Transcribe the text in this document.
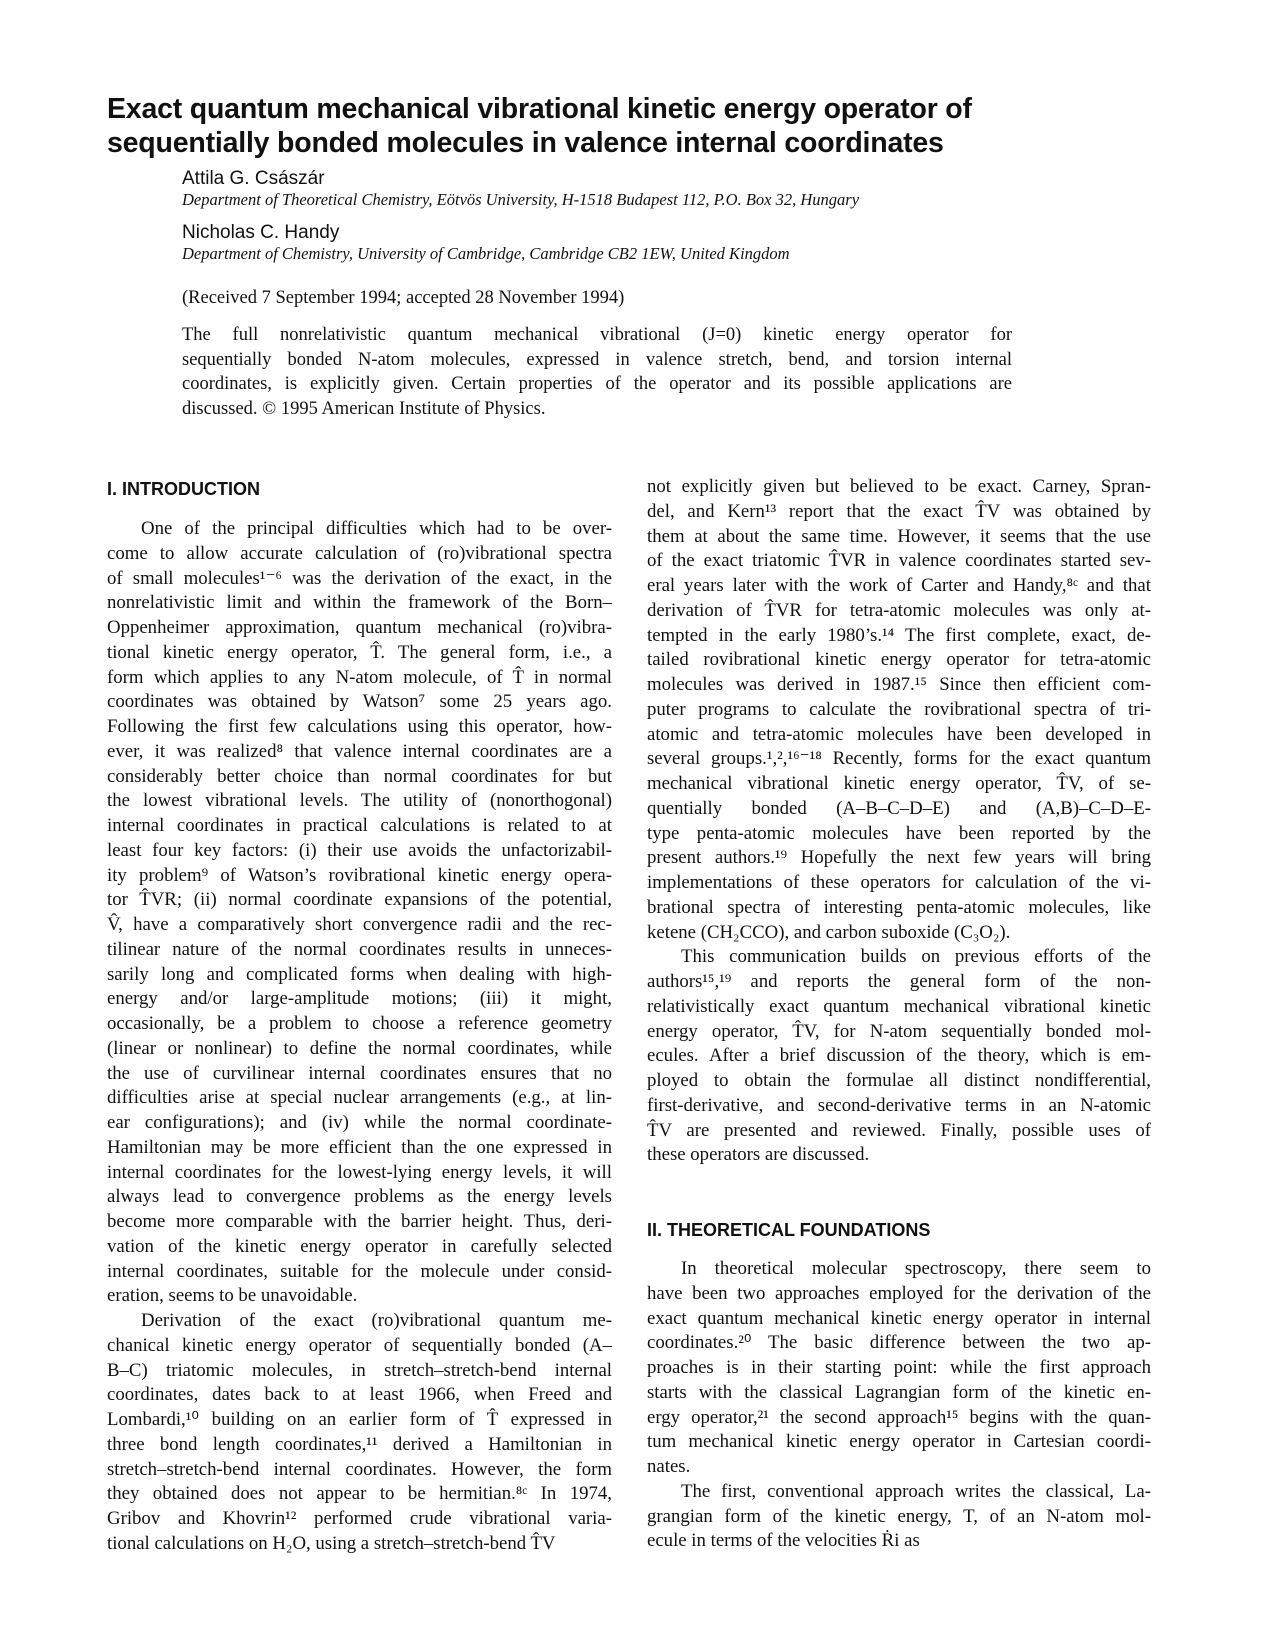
Exact quantum mechanical vibrational kinetic energy operator of
sequentially bonded molecules in valence internal coordinates
Attila G. Császár
Department of Theoretical Chemistry, Eötvös University, H-1518 Budapest 112, P.O. Box 32, Hungary
Nicholas C. Handy
Department of Chemistry, University of Cambridge, Cambridge CB2 1EW, United Kingdom
(Received 7 September 1994; accepted 28 November 1994)
The full nonrelativistic quantum mechanical vibrational (J=0) kinetic energy operator for
sequentially bonded N-atom molecules, expressed in valence stretch, bend, and torsion internal
coordinates, is explicitly given. Certain properties of the operator and its possible applications are
discussed. © 1995 American Institute of Physics.
I. INTRODUCTION
One of the principal difficulties which had to be over-
come to allow accurate calculation of (ro)vibrational spectra
of small molecules¹⁻⁶ was the derivation of the exact, in the
nonrelativistic limit and within the framework of the Born–
Oppenheimer approximation, quantum mechanical (ro)vibra-
tional kinetic energy operator, T̂. The general form, i.e., a
form which applies to any N-atom molecule, of T̂ in normal
coordinates was obtained by Watson⁷ some 25 years ago.
Following the first few calculations using this operator, how-
ever, it was realized⁸ that valence internal coordinates are a
considerably better choice than normal coordinates for but
the lowest vibrational levels. The utility of (nonorthogonal)
internal coordinates in practical calculations is related to at
least four key factors: (i) their use avoids the unfactorizabil-
ity problem⁹ of Watson’s rovibrational kinetic energy opera-
tor T̂VR; (ii) normal coordinate expansions of the potential,
V̂, have a comparatively short convergence radii and the rec-
tilinear nature of the normal coordinates results in unneces-
sarily long and complicated forms when dealing with high-
energy and/or large-amplitude motions; (iii) it might,
occasionally, be a problem to choose a reference geometry
(linear or nonlinear) to define the normal coordinates, while
the use of curvilinear internal coordinates ensures that no
difficulties arise at special nuclear arrangements (e.g., at lin-
ear configurations); and (iv) while the normal coordinate-
Hamiltonian may be more efficient than the one expressed in
internal coordinates for the lowest-lying energy levels, it will
always lead to convergence problems as the energy levels
become more comparable with the barrier height. Thus, deri-
vation of the kinetic energy operator in carefully selected
internal coordinates, suitable for the molecule under consid-
eration, seems to be unavoidable.
Derivation of the exact (ro)vibrational quantum me-
chanical kinetic energy operator of sequentially bonded (A–
B–C) triatomic molecules, in stretch–stretch-bend internal
coordinates, dates back to at least 1966, when Freed and
Lombardi,¹⁰ building on an earlier form of T̂ expressed in
three bond length coordinates,¹¹ derived a Hamiltonian in
stretch–stretch-bend internal coordinates. However, the form
they obtained does not appear to be hermitian.⁸ᶜ In 1974,
Gribov and Khovrin¹² performed crude vibrational varia-
tional calculations on H₂O, using a stretch–stretch-bend T̂V
not explicitly given but believed to be exact. Carney, Spran-
del, and Kern¹³ report that the exact T̂V was obtained by
them at about the same time. However, it seems that the use
of the exact triatomic T̂VR in valence coordinates started sev-
eral years later with the work of Carter and Handy,⁸ᶜ and that
derivation of T̂VR for tetra-atomic molecules was only at-
tempted in the early 1980’s.¹⁴ The first complete, exact, de-
tailed rovibrational kinetic energy operator for tetra-atomic
molecules was derived in 1987.¹⁵ Since then efficient com-
puter programs to calculate the rovibrational spectra of tri-
atomic and tetra-atomic molecules have been developed in
several groups.¹,²,¹⁶⁻¹⁸ Recently, forms for the exact quantum
mechanical vibrational kinetic energy operator, T̂V, of se-
quentially bonded (A–B–C–D–E) and (A,B)–C–D–E-
type penta-atomic molecules have been reported by the
present authors.¹⁹ Hopefully the next few years will bring
implementations of these operators for calculation of the vi-
brational spectra of interesting penta-atomic molecules, like
ketene (CH₂CCO), and carbon suboxide (C₃O₂).
This communication builds on previous efforts of the
authors¹⁵,¹⁹ and reports the general form of the non-
relativistically exact quantum mechanical vibrational kinetic
energy operator, T̂V, for N-atom sequentially bonded mol-
ecules. After a brief discussion of the theory, which is em-
ployed to obtain the formulae all distinct nondifferential,
first-derivative, and second-derivative terms in an N-atomic
T̂V are presented and reviewed. Finally, possible uses of
these operators are discussed.
II. THEORETICAL FOUNDATIONS
In theoretical molecular spectroscopy, there seem to
have been two approaches employed for the derivation of the
exact quantum mechanical kinetic energy operator in internal
coordinates.²⁰ The basic difference between the two ap-
proaches is in their starting point: while the first approach
starts with the classical Lagrangian form of the kinetic en-
ergy operator,²¹ the second approach¹⁵ begins with the quan-
tum mechanical kinetic energy operator in Cartesian coordi-
nates.
The first, conventional approach writes the classical, La-
grangian form of the kinetic energy, T, of an N-atom mol-
ecule in terms of the velocities Ṙi as
